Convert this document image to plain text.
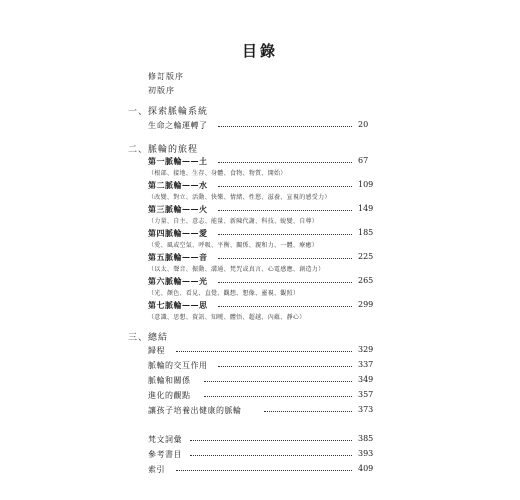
目錄
修訂版序
初版序
一、探索脈輪系統
生命之輪運轉了	20
二、脈輪的旅程
第一脈輪——土	67
（根部、接地、生存、身體、食物、物質、開始）
第二脈輪——水	109
（改變、對立、活動、快樂、情緒、性慾、滋養、宣視的感受力）
第三脈輪——火	149
（力量、自主、意志、能量、新陳代謝、科技、蛻變、自尊）
第四脈輪——愛	185
（愛、風或空氣、呼吸、平衡、關係、親和力、一體、療癒）
第五脈輪——音	225
（以太、聲音、振動、溝通、梵咒或真言、心電感應、創造力）
第六脈輪——光	265
（光、顏色、看見、直覺、觀想、想像、靈視、觀照）
第七脈輪——思	299
（意識、思想、資訊、知曉、體悟、超越、內蘊、靜心）
三、總結
歸程	329
脈輪的交互作用	337
脈輪和關係	349
進化的觀點	357
讓孩子培養出健康的脈輪	373
梵文詞彙	385
參考書目	393
索引	409
